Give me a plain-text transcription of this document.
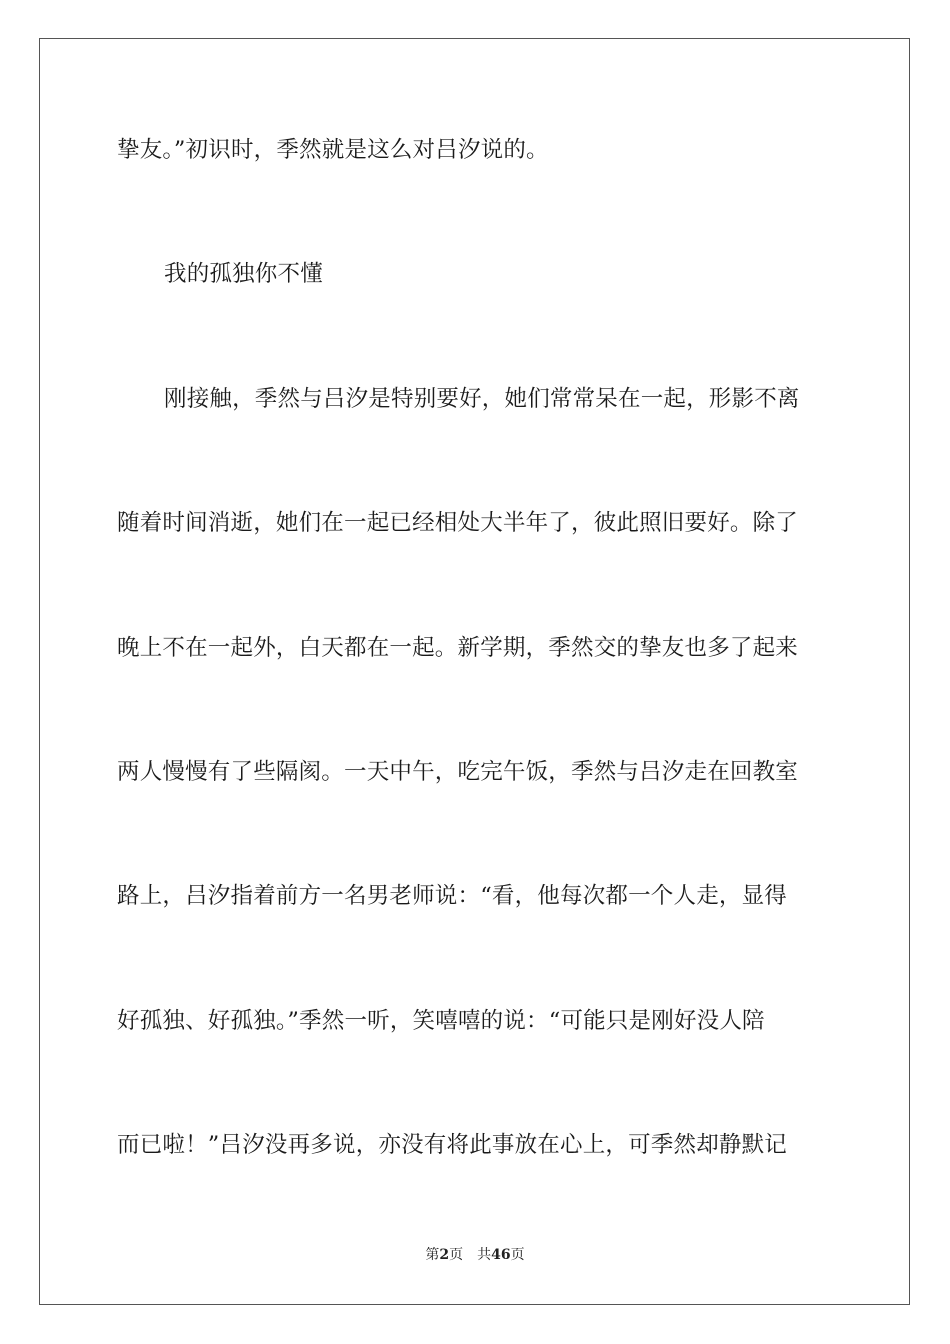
挚友。”初识时，季然就是这么对吕汐说的。
我的孤独你不懂
刚接触，季然与吕汐是特别要好，她们常常呆在一起，形影不离
随着时间消逝，她们在一起已经相处大半年了，彼此照旧要好。除了
晚上不在一起外，白天都在一起。新学期，季然交的挚友也多了起来
两人慢慢有了些隔阂。一天中午，吃完午饭，季然与吕汐走在回教室
路上，吕汐指着前方一名男老师说：“看，他每次都一个人走，显得
好孤独、好孤独。”季然一听，笑嘻嘻的说：“可能只是刚好没人陪
而已啦！”吕汐没再多说，亦没有将此事放在心上，可季然却静默记
第2页 共46页
